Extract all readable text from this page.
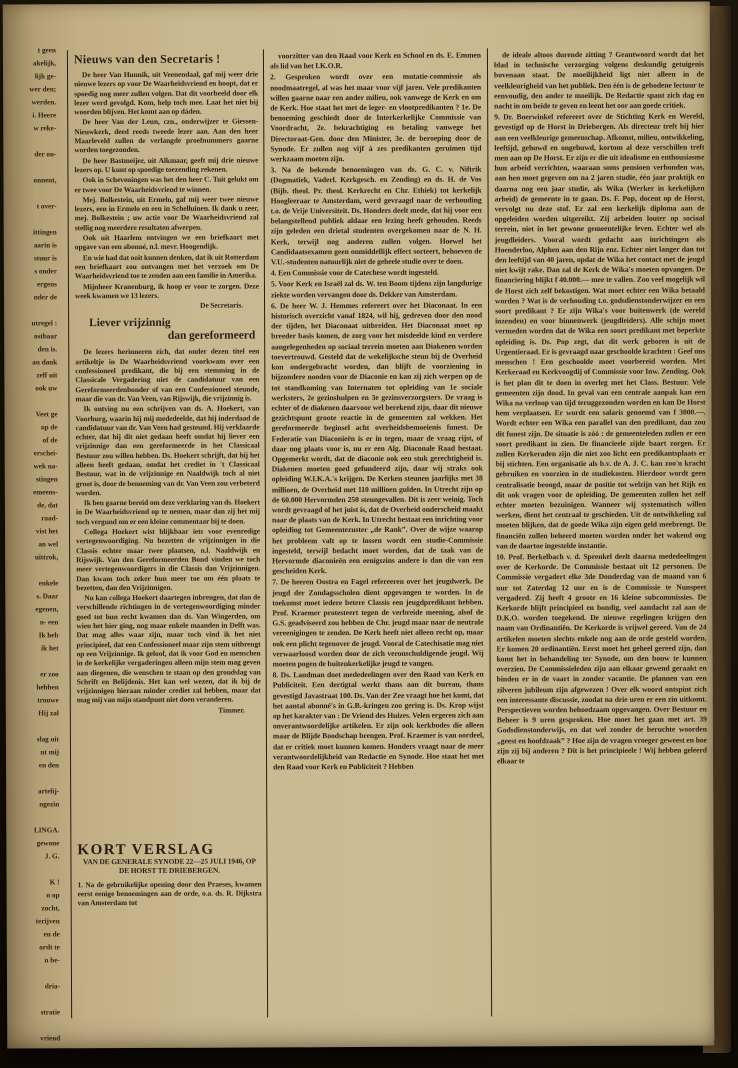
t geen

akelijk,

lijk ge-

wer den;

werden.

i. Heere

w reke-

der on-

onnent,

t over-

ittingen

aarin is

stuur is

s onder

ergens

nder de

utregel :

ostbaar

den is.

an dank

zelf uit

ook uw

Veet ge

op de

of de

erschei-

wek na-

stingen

emeens-

de, dat

raad-

vist het

an wel

uittrok,

enkele

s. Daar

egenen,

n- een

Ik heb

ik het

er zoo

hebben

trouwe

Hij zal

slag uit

nt mij

en den

artelij-

ngezin

LINGA.

gewone

J. G.

K !

n op

zocht,

terijven

en de

ordt te

n be-

dria-

stratie

vriend

Nieuws van den Secretaris !

De heer Van Hunnik, uit Veenendaal, gaf mij weer drie nieuwe lezers op voor De Waarheidsvriend en hoopt, dat er spoedig nog meer zullen volgen. Dat dit voorbeeld door elk lezer werd gevolgd. Kom, help toch mee. Laat het niet bij woorden blijven. Het komt aan op dáden.

De heer Van der Leun, czn., onderwijzer te Giessen-Nieuwkerk, deed reeds tweede lezer aan. Aan den heer Maarleveld zullen de verlangde proefnummers gaarne worden toegezonden.

De heer Bastmeijer, uit Alkmaar, geeft mij drie nieuwe lezers op. U kunt op spoedige toezending rekenen.

Ook in Scheveningen was het den heer C. Tuit gelukt om er twee voor De Waarheidsvriend te winnen.

Mej. Bolkestein, uit Ermelo, gaf mij weer twee nieuwe lezers, een in Ermelo en een in Schelluinen. Ik dank u zeer, mej. Bolkestein ; uw actie voor De Waarheidsvriend zal stellig nog meerdere resultaten afwerpen.

Ook uit Haarlem ontvingen we een briefkaart met opgave van een abonné, n.l. mevr. Hoogendijk.

En wie had dat ooit kunnen denken, dat ik uit Rotterdam een briefkaart zou ontvangen met het verzoek om De Waarheidsvriend toe te zenden aan een familie in Amerika.

Mijnheer Kranenburg, ik hoop er voor te zorgen. Deze week kwamen we 13 lezers.

De Secretaris.
Liever vrijzinnig
dan gereformeerd

De lezers herinneren zich, dat onder dezen titel een artikeltje in De Waarheidsvriend voorkwam over een confessioneel predikant, die bij een stemming in de Classicale Vergadering niet de candidatuur van een Gereformeerdenbonder of van een Confessioneel steunde, maar die van dr. Van Veen, van Rijswijk, die vrijzinnig is.

Ik ontving nu een schrijven van ds. A. Hoekert, van Voorburg, waarin hij mij mededeelde, dat hij inderdaad de candidatuur van dr. Van Veen had gesteund. Hij verklaarde echter, dat hij dit niet gedaan heeft omdat hij liever een vrijzinnige dan een gereformeerde in het Classicaal Bestuur zou willen hebben. Ds. Hoekert schrijft, dat hij het alleen heeft gedaan, omdat het crediet in 't Classicaal Bestuur, wat in de vrijzinnige en Naaldwijk toch al niet groot is, door de benoeming van dr. Van Veen zou verbeterd worden.

Ik ben gaarne bereid om deze verklaring van ds. Hoekert in De Waarheidsvriend op te nemen, maar dan zij het mij toch vergund om er een kleine commentaar bij te doen.

Collega Hoekert wist blijkbaar iets voor evenredige vertegenwoordiging. Nu bezetten de vrijzinnigen in die Classis echter maar twee plaatsen, n.l. Naaldwijk en Rijswijk. Van den Gereformeerden Bond vinden we toch meer vertegenwoordigers in die Classis dan Vrijzinnigen. Dan kwam toch zeker hun meer toe om één plaats te bezetten, dan den Vrijzinnigen.

Nu kan collega Hoekert daartegen inbrengen, dat dan de verschillende richtingen in de vertegenwoordiging minder goed tot hun recht kwamen dan ds. Van Wingerden, om wien het hier ging, nog maar enkele maanden in Delft was. Dat mag alles waar zijn, maar toch vind ik het niet principieel, dat een Confessioneel maar zijn stem uitbrengt op een Vrijzinnige. Ik geloof, dat ik voor God en menschen in de kerkelijke vergaderingen alleen mijn stem mag geven aan diegenen, die wenschen te staan op den grondslag van Schrift en Belijdenis. Het kan wel wezen, dat ik bij de vrijzinnigen hieraan minder crediet zal hebben, maar dat mag mij van mijn standpunt niet doen veranderen.

Timmer.
KORT VERSLAG
VAN DE GENERALE SYNODE 22—25 JULI 1946, OP DE HORST TE DRIEBERGEN.

1. Na de gebruikelijke opening door den Praeses, kwamen eerst eenige benoemingen aan de orde, o.a. ds. R. Dijkstra van Amsterdam tot

voorzitter van den Raad voor Kerk en School en ds. E. Emmen als lid van het I.K.O.R.

2. Gesproken wordt over een mutatie-commissie als noodmaatregel, al was het maar voor vijf jaren. Vele predikanten willen gaarne naar een ander milieu, ook vanwege de Kerk en om de Kerk. Hoe staat het met de leger- en vlootpredikanten ? 1e. De benoeming geschiedt door de Interkerkelijke Commissie van Voordracht, 2e. bekrachtiging en betaling vanwege het Directoraat-Gen. door den Minister, 3e. de beroeping door de Synode. Er zullen nog vijf à zes predikanten geruimen tijd werkzaam moeten zijn.

3. Na de bekende benoemingen van ds. G. C. v. Niftrik (Dogmatiek, Vaderl. Kerkgesch. en Zending) en ds. H. de Vos (Bijb. theol. Pr. theol. Kerkrecht en Chr. Ethiek) tot kerkelijk Hoogleeraar te Amsterdam, werd gevraagd naar de verhouding t.o. de Vrije Universiteit. Ds. Honders deelt mede, dat hij voor een belangstellend publiek aldaar een lezing heeft gehouden. Reeds zijn geleden een drietal studenten overgekomen naar de N. H. Kerk, terwijl nog anderen zullen volgen. Hoewel het Candidaatsexamen geen onmiddellijk effect sorteert, behoeven de V.U.-studenten natuurlijk niet de geheele studie over te doen.

4. Een Commissie voor de Catechese wordt ingesteld.

5. Voor Kerk en Israël zal ds. W. ten Boom tijdens zijn langdurige ziekte worden vervangen door ds. Dekker van Amsterdam.

6. De heer W. J. Hemmes refereert over het Diaconaat. In een historisch overzicht vanaf 1824, wil hij, gedreven door den nood der tijden, het Diaconaat uitbreiden. Het Diaconaat moet op breeder basis komen, de zorg voor het misdeelde kind en verdere aangelegenheden op sociaal terrein moeten aan Diakenen worden toevertrouwd. Gesteld dat de wekelijksche steun bij de Overheid kon ondergebracht worden, dan blijft de voorziening in bijzondere nooden voor de Diaconie en kan zij zich werpen op de tot standkoming van Internaten tot opleiding van 1e sociale werksters, 2e gezinshulpen en 3e gezinsverzorgsters. De vraag is echter of de diakenen daarvoor wel berekend zijn, daar dit nieuwe gezichtspunt groote reactie in de gemeenten zal wekken. Het gereformeerde beginsel acht overheidsbemoeienis funest. De Federatie van Diaconieën is er in tegen, maar de vraag rijst, of daar nog plaats voor is, nu er een Alg. Diaconale Raad bestaat. Opgemerkt wordt, dat de diaconie ook een stuk gerechtigheid is. Diakenen moeten goed gefundeerd zijn, daar wij straks ook opleiding W.I.K.A.'s krijgen. De Kerken steunen jaarlijks met 38 millioen, de Overheid met 110 millioen gulden. In Utrecht zijn op de 60.000 Hervormden 250 steungevallen. Dit is zeer weinig. Toch wordt gevraagd of het juist is, dat de Overheid onderscheid maakt naar de plaats van de Kerk. In Utrecht bestaat een inrichting voor opleiding tot Gemeentezuster „de Rank”. Over de wijze waarop het probleem valt op te lossen wordt een studie-Commissie ingesteld, terwijl bedacht moet worden, dat de taak van de Hervormde diaconieën een eenigszins andere is dan die van een gescheiden Kerk.

7. De heeren Oostra en Fagel refereeren over het jeugdwerk. De jeugd der Zondagsscholen dient opgevangen te worden. In de toekomst moet iedere betere Classis een jeugdpredikant hebben. Prof. Kraemer protesteert tegen de verbreide meening, alsof de G.S. geadviseerd zou hebben de Chr. jeugd maar naar de neutrale vereenigingen te zenden. De Kerk heeft niet alleen recht op, maar ook een plicht tegenover de jeugd. Vooral de Catechisatie mag niet verwaarloosd worden door de zich veronschuldigende jeugd. Wij moeten pogen de buitenkerkelijke jeugd te vangen.

8. Ds. Landman doet mededeelingen over den Raad van Kerk en Publiciteit. Een dertigtal werkt thans aan dit bureau, thans gevestigd Javastraat 100. Ds. Van der Zee vraagt hoe het komt, dat het aantal abonné's in G.B.-kringen zoo gering is. Ds. Krop wijst op het karakter van : De Vriend des Huizes. Velen ergeren zich aan onverantwoordelijke artikelen. Er zijn ook kerkbodes die alleen maar de Blijde Boodschap brengen. Prof. Kraemer is van oordeel, dat er critiek moet kunnen komen. Honders vraagt naar de meer verantwoordelijkheid van Redactie en Synode. Hoe staat het met den Raad voor Kerk en Publiciteit ? Hebben

de ideale altoos durende zitting ? Geantwoord wordt dat het blad in technische verzorging volgens deskundig getuigenis bovenaan staat. De moeilijkheid ligt niet alleen in de veelkleurigheid van het publiek. Den één is de gebodene lectuur te eenvoudig, den ander te moeilijk. De Redactie spant zich dag en nacht in om beide te geven en leent het oor aan goede critiek.

9. Dr. Boerwinkel refereert over de Stichting Kerk en Wereld, gevestigd op de Horst in Driebergen. Als directeur treft hij hier aan een veelkleurige gemeenschap. Afkomst, milieu, ontwikkeling, leeftijd, gehuwd en ongehuwd, kortom al deze verschillen treft men aan op De Horst. Er zijn er die uit idealisme en enthousiasme hun arbeid verrichten, waaraan soms pensioen verbonden was, aan hen moet gegeven om na 2 jaren studie, één jaar praktijk en daarna nog een jaar studie, als Wika (Werker in kerkelijken arbeid) de gemeente in te gaan. Ds. F. Pop, docent op de Horst, vervolgt nu deze stof. Er zal een kerkelijk diploma aan de opgeleiden worden uitgereikt. Zij arbeiden louter op sociaal terrein, niet in het gewone gemeentelijke leven. Echter wel als jeugdleiders. Vooral wordt gedacht aan inrichtingen als Hoenderloo, Alphen aan den Rijn enz. Echter niet langer dan tot den leeftijd van 40 jaren, opdat de Wika het contact met de jeugd niet kwijt rake. Dan zal de Kerk de Wika's moeten opvangen. De financiering blijkt f 40.000.— mee te vallen. Zoo veel mogelijk wil de Horst zich zelf bekostigen. Wat moet echter een Wika betaald worden ? Wat is de verhouding t.o. godsdienstonderwijzer en een soort predikant ? Er zijn Wika's voor buitenwerk (de wereld inzenden) en voor binnenwerk (jeugdleiders). Alle schijn moet vermeden worden dat de Wika een soort predikant met beperkte opleiding is. Ds. Pop zegt, dat dit werk geboren is uit de Urgentieraad. Er is gevraagd naar geschoolde krachten : Geef ons menschen ! Een geschoolde moet voorbereid worden. Met Kerkeraad en Kerkvoogdij of Commissie voor Inw. Zending. Ook is het plan dit te doen in overleg met het Class. Bestuur. Vele gemeenten zijn dood. In geval van een centrale aanpak kan een Wika na verloop van tijd teruggezonden worden en kan De Horst hem verplaatsen. Er wordt een salaris genoemd van f 3000.—. Wordt echter een Wika een parallel van den predikant, dan zou dit funest zijn. De situatie is zóó : de gemeenteleden zullen er een soort predikant in zien. De financieele zijde baart zorgen. Er zullen Kerkeraden zijn die niet zoo licht een predikantsplaats er bij stichten. Een organisatie als b.v. de A. J. C. kan zoo'n kracht gebruiken en voorzien in de studiekosten. Hierdoor wordt geen centralisatie beoogd, maar de positie tot welzijn van het Rijk en dit ook vragen voor de opleiding. De gemeenten zullen het zelf echter moeten bezuinigen. Wanneer wij systematisch willen werken, dient het centraal te geschieden. Uit de ontwikkeling zal moeten blijken, dat de goede Wika zijn eigen geld meebrengt. De financiën zullen beheerd moeten worden onder het wakend oog van de daartoe ingestelde instantie.

10. Prof. Berkelbach v. d. Sprenkel deelt daarna mededeelingen over de Kerkorde. De Commissie bestaat uit 12 personen. De Commissie vergadert elke 3de Donderdag van de maand van 6 uur tot Zaterdag 12 uur en is de Commissie te Nunspeet vergaderd. Zij heeft 4 groote en 16 kleine subcommissies. De Kerkorde blijft principieel en bondig, veel aandacht zal aan de D.K.O. worden toegekend. De nieuwe regelingen krijgen den naam van Ordinantiën. De Kerkorde is vrijwel gereed. Van de 24 artikelen moeten slechts enkele nog aan de orde gesteld worden. Er komen 20 ordinantiën. Eerst moet het geheel gereed zijn, dan komt het in behandeling ter Synode, om den bouw te kunnen overzien. De Commissieleden zijn aan elkaar gewend geraakt en binden er in de vaart in zonder vacantie. De plannen van een zilveren jubileum zijn afgewezen ! Over elk woord ontspint zich een interessante discussie, zoodat na drie uren er een zin uitkomt. Perspectieven worden behoedzaam opgevangen. Over Bestuur en Beheer is 9 uren gesproken. Hoe moet het gaan met art. 39 Godsdienstonderwijs, en dat wel zonder de beruchte woorden „geest en hoofdzaak” ? Hoe zijn de vragen vroeger geweest en hoe zijn zij bij anderen ? Dit is het principieele ! Wij hebben geleerd elkaar te
